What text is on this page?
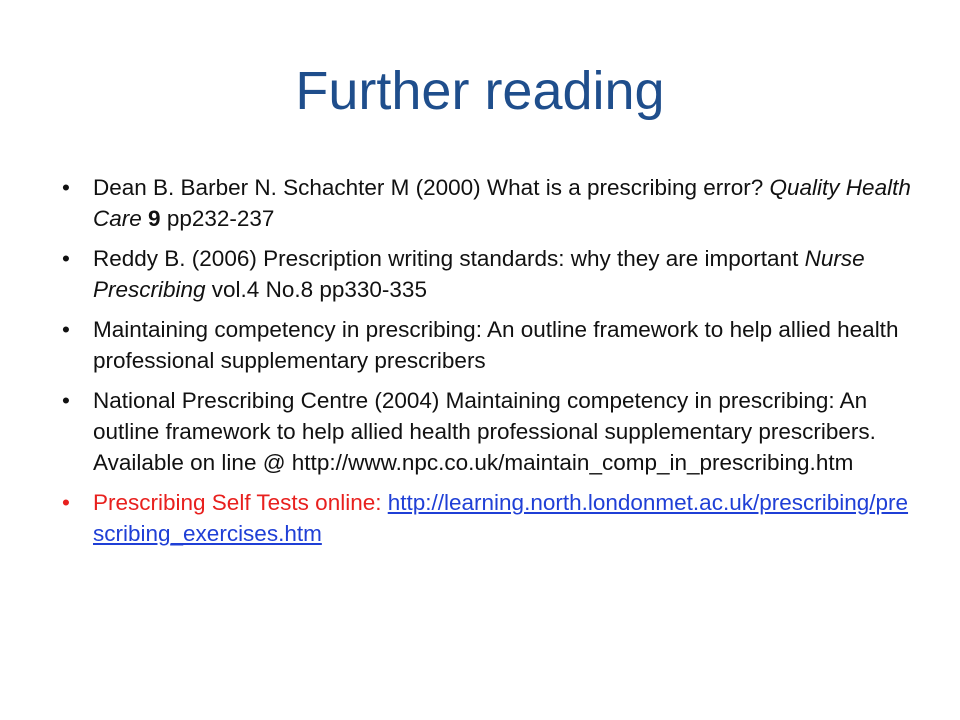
Further reading
• Dean B. Barber N. Schachter M (2000) What is a prescribing error? Quality Health Care 9 pp232-237
• Reddy B. (2006) Prescription writing standards: why they are important Nurse Prescribing vol.4 No.8 pp330-335
• Maintaining competency in prescribing: An outline framework to help allied health professional supplementary prescribers
• National Prescribing Centre (2004) Maintaining competency in prescribing: An outline framework to help allied health professional supplementary prescribers. Available on line @ http://www.npc.co.uk/maintain_comp_in_prescribing.htm
• Prescribing Self Tests online: http://learning.north.londonmet.ac.uk/prescribing/prescribing_exercises.htm
